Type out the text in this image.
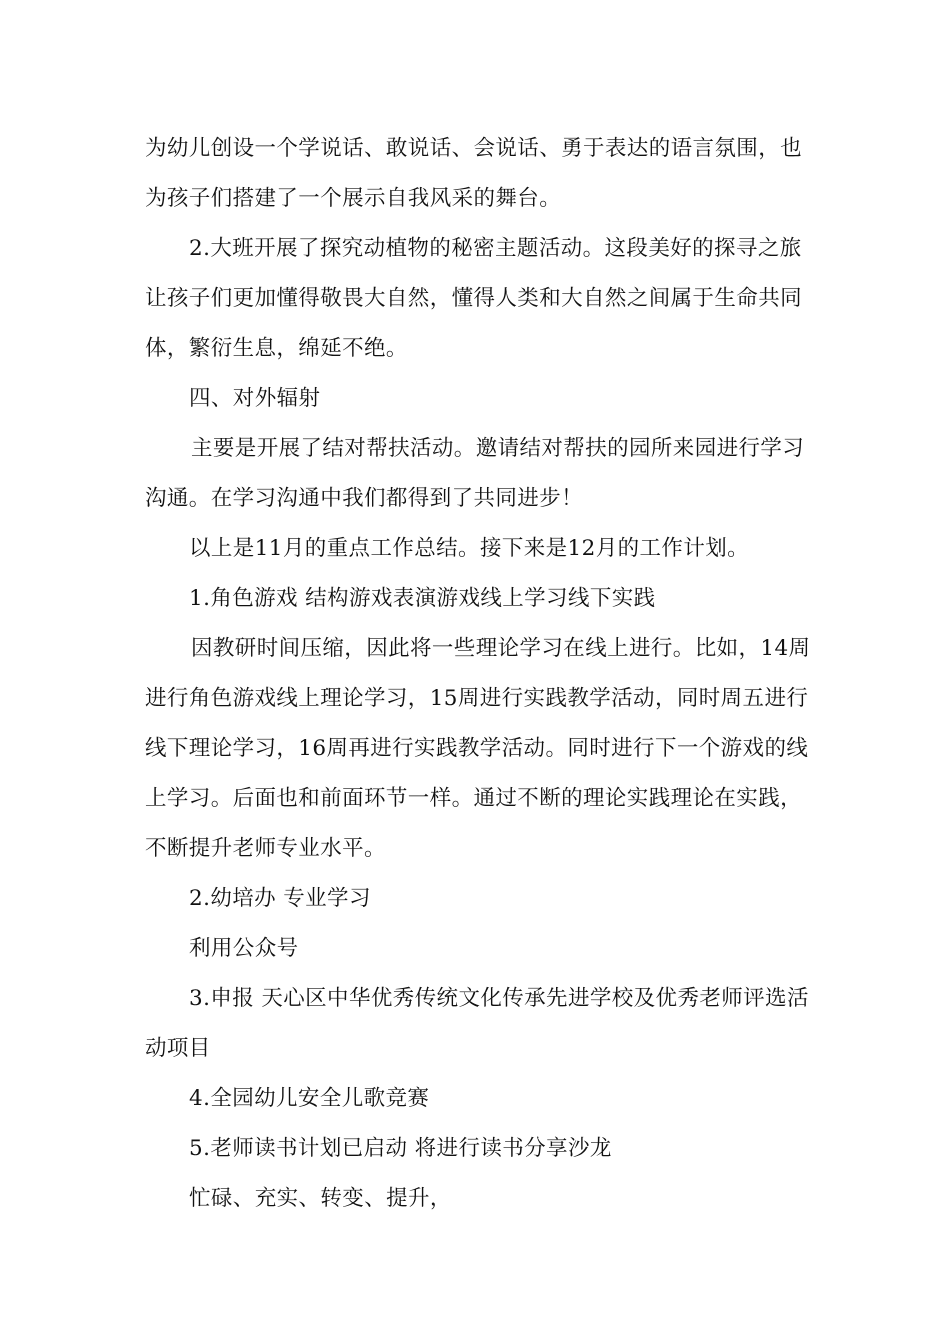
为幼儿创设一个学说话、敢说话、会说话、勇于表达的语言氛围，也为孩子们搭建了一个展示自我风采的舞台。

2.大班开展了探究动植物的秘密主题活动。这段美好的探寻之旅让孩子们更加懂得敬畏大自然，懂得人类和大自然之间属于生命共同体，繁衍生息，绵延不绝。

四、对外辐射

主要是开展了结对帮扶活动。邀请结对帮扶的园所来园进行学习沟通。在学习沟通中我们都得到了共同进步！

以上是11月的重点工作总结。接下来是12月的工作计划。

1.角色游戏 结构游戏表演游戏线上学习线下实践

因教研时间压缩，因此将一些理论学习在线上进行。比如，14周进行角色游戏线上理论学习，15周进行实践教学活动，同时周五进行线下理论学习，16周再进行实践教学活动。同时进行下一个游戏的线上学习。后面也和前面环节一样。通过不断的理论实践理论在实践，不断提升老师专业水平。

2.幼培办 专业学习

利用公众号

3.申报 天心区中华优秀传统文化传承先进学校及优秀老师评选活动项目

4.全园幼儿安全儿歌竞赛

5.老师读书计划已启动 将进行读书分享沙龙

忙碌、充实、转变、提升，
